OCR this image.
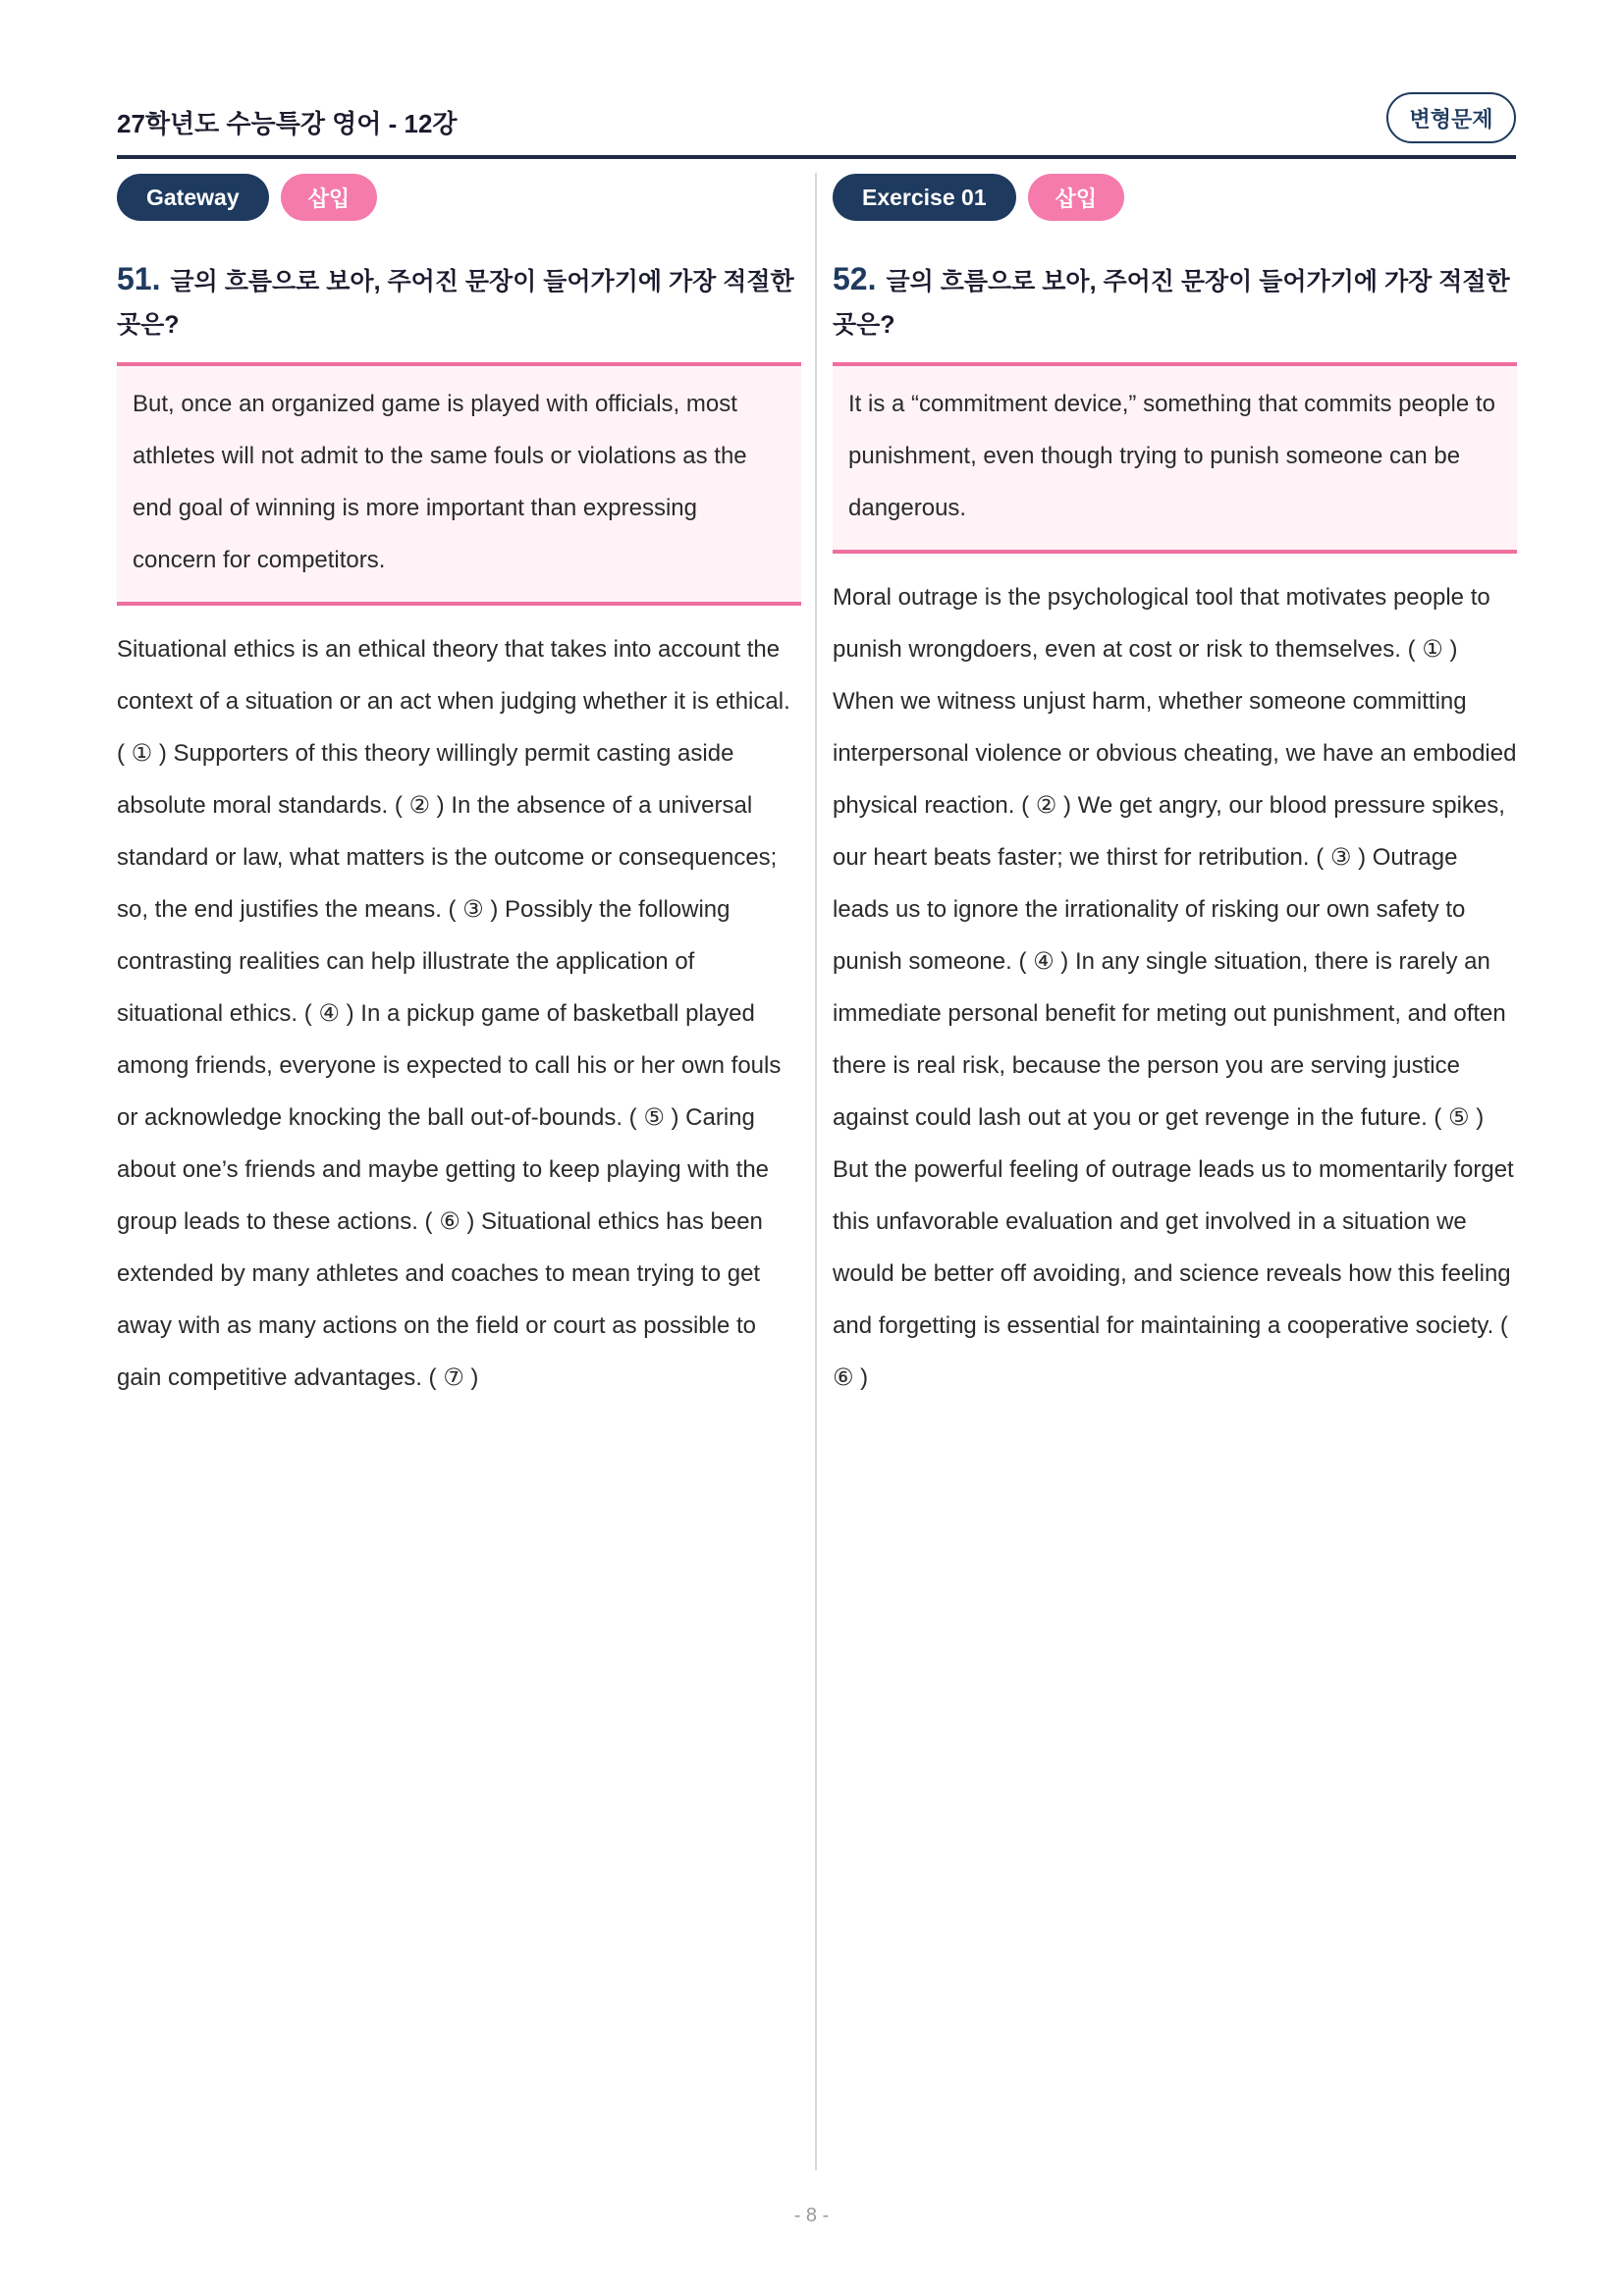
27학년도 수능특강 영어 - 12강	변형문제
Gateway	삽입
51. 글의 흐름으로 보아, 주어진 문장이 들어가기에 가장 적절한 곳은?
But, once an organized game is played with officials, most athletes will not admit to the same fouls or violations as the end goal of winning is more important than expressing concern for competitors.
Situational ethics is an ethical theory that takes into account the context of a situation or an act when judging whether it is ethical. ( ① ) Supporters of this theory willingly permit casting aside absolute moral standards. ( ② ) In the absence of a universal standard or law, what matters is the outcome or consequences; so, the end justifies the means. ( ③ ) Possibly the following contrasting realities can help illustrate the application of situational ethics. ( ④ ) In a pickup game of basketball played among friends, everyone is expected to call his or her own fouls or acknowledge knocking the ball out-of-bounds. ( ⑤ ) Caring about one’s friends and maybe getting to keep playing with the group leads to these actions. ( ⑥ ) Situational ethics has been extended by many athletes and coaches to mean trying to get away with as many actions on the field or court as possible to gain competitive advantages. ( ⑦ )
Exercise 01	삽입
52. 글의 흐름으로 보아, 주어진 문장이 들어가기에 가장 적절한 곳은?
It is a “commitment device,” something that commits people to punishment, even though trying to punish someone can be dangerous.
Moral outrage is the psychological tool that motivates people to punish wrongdoers, even at cost or risk to themselves. ( ① ) When we witness unjust harm, whether someone committing interpersonal violence or obvious cheating, we have an embodied physical reaction. ( ② ) We get angry, our blood pressure spikes, our heart beats faster; we thirst for retribution. ( ③ ) Outrage leads us to ignore the irrationality of risking our own safety to punish someone. ( ④ ) In any single situation, there is rarely an immediate personal benefit for meting out punishment, and often there is real risk, because the person you are serving justice against could lash out at you or get revenge in the future. ( ⑤ ) But the powerful feeling of outrage leads us to momentarily forget this unfavorable evaluation and get involved in a situation we would be better off avoiding, and science reveals how this feeling and forgetting is essential for maintaining a cooperative society. ( ⑥ )
- 8 -
